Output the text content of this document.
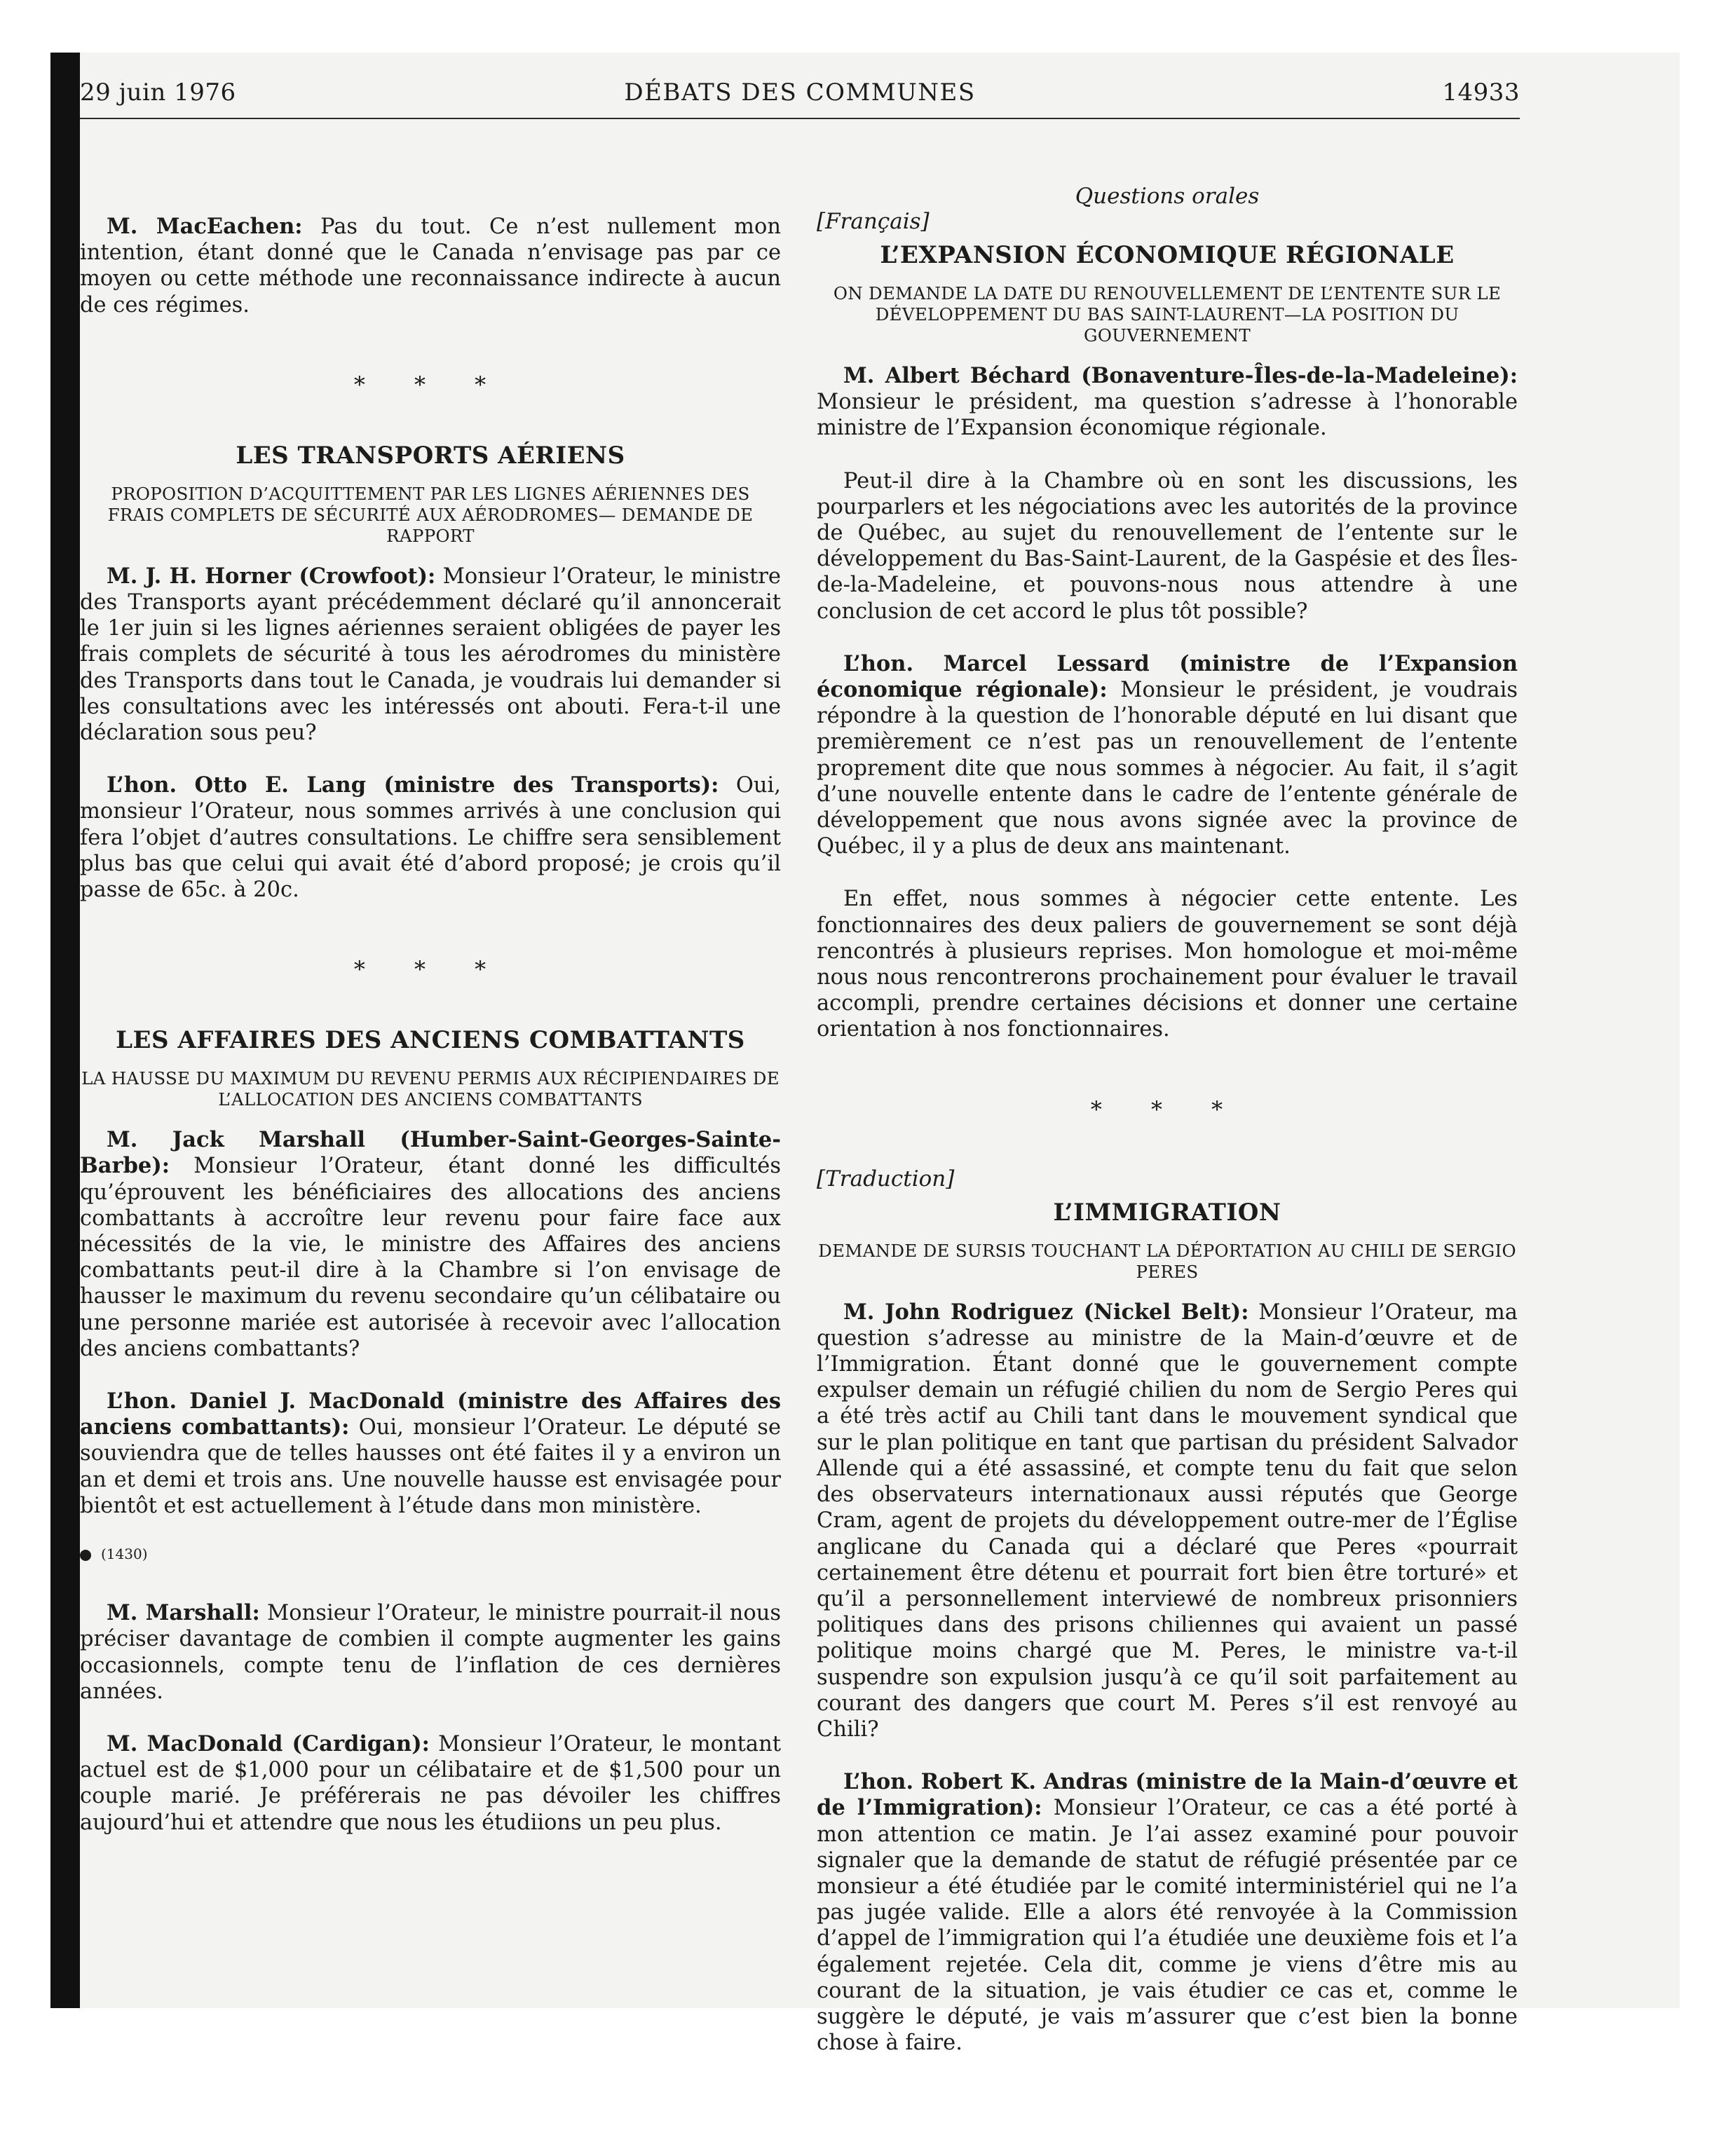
29 juin 1976	DÉBATS DES COMMUNES	14933
Questions orales

M. MacEachen: Pas du tout. Ce n’est nullement mon intention, étant donné que le Canada n’envisage pas par ce moyen ou cette méthode une reconnaissance indirecte à aucun de ces régimes.

* * *
LES TRANSPORTS AÉRIENS
PROPOSITION D’ACQUITTEMENT PAR LES LIGNES AÉRIENNES DES FRAIS COMPLETS DE SÉCURITÉ AUX AÉRODROMES— DEMANDE DE RAPPORT

M. J. H. Horner (Crowfoot): Monsieur l’Orateur, le ministre des Transports ayant précédemment déclaré qu’il annoncerait le 1er juin si les lignes aériennes seraient obligées de payer les frais complets de sécurité à tous les aérodromes du ministère des Transports dans tout le Canada, je voudrais lui demander si les consultations avec les intéressés ont abouti. Fera-t-il une déclaration sous peu?

L’hon. Otto E. Lang (ministre des Transports): Oui, monsieur l’Orateur, nous sommes arrivés à une conclusion qui fera l’objet d’autres consultations. Le chiffre sera sensiblement plus bas que celui qui avait été d’abord proposé; je crois qu’il passe de 65c. à 20c.

* * *
LES AFFAIRES DES ANCIENS COMBATTANTS
LA HAUSSE DU MAXIMUM DU REVENU PERMIS AUX RÉCIPIENDAIRES DE L’ALLOCATION DES ANCIENS COMBATTANTS

M. Jack Marshall (Humber-Saint-Georges-Sainte-Barbe): Monsieur l’Orateur, étant donné les difficultés qu’éprouvent les bénéficiaires des allocations des anciens combattants à accroître leur revenu pour faire face aux nécessités de la vie, le ministre des Affaires des anciens combattants peut-il dire à la Chambre si l’on envisage de hausser le maximum du revenu secondaire qu’un célibataire ou une personne mariée est autorisée à recevoir avec l’allocation des anciens combattants?

L’hon. Daniel J. MacDonald (ministre des Affaires des anciens combattants): Oui, monsieur l’Orateur. Le député se souviendra que de telles hausses ont été faites il y a environ un an et demi et trois ans. Une nouvelle hausse est envisagée pour bientôt et est actuellement à l’étude dans mon ministère.

(1430)

M. Marshall: Monsieur l’Orateur, le ministre pourrait-il nous préciser davantage de combien il compte augmenter les gains occasionnels, compte tenu de l’inflation de ces dernières années.

M. MacDonald (Cardigan): Monsieur l’Orateur, le montant actuel est de $1,000 pour un célibataire et de $1,500 pour un couple marié. Je préférerais ne pas dévoiler les chiffres aujourd’hui et attendre que nous les étudiions un peu plus.

[Français]
L’EXPANSION ÉCONOMIQUE RÉGIONALE
ON DEMANDE LA DATE DU RENOUVELLEMENT DE L’ENTENTE SUR LE DÉVELOPPEMENT DU BAS SAINT-LAURENT—LA POSITION DU GOUVERNEMENT

M. Albert Béchard (Bonaventure-Îles-de-la-Madeleine): Monsieur le président, ma question s’adresse à l’honorable ministre de l’Expansion économique régionale.

Peut-il dire à la Chambre où en sont les discussions, les pourparlers et les négociations avec les autorités de la province de Québec, au sujet du renouvellement de l’entente sur le développement du Bas-Saint-Laurent, de la Gaspésie et des Îles-de-la-Madeleine, et pouvons-nous nous attendre à une conclusion de cet accord le plus tôt possible?

L’hon. Marcel Lessard (ministre de l’Expansion économique régionale): Monsieur le président, je voudrais répondre à la question de l’honorable député en lui disant que premièrement ce n’est pas un renouvellement de l’entente proprement dite que nous sommes à négocier. Au fait, il s’agit d’une nouvelle entente dans le cadre de l’entente générale de développement que nous avons signée avec la province de Québec, il y a plus de deux ans maintenant.

En effet, nous sommes à négocier cette entente. Les fonctionnaires des deux paliers de gouvernement se sont déjà rencontrés à plusieurs reprises. Mon homologue et moi-même nous nous rencontrerons prochainement pour évaluer le travail accompli, prendre certaines décisions et donner une certaine orientation à nos fonctionnaires.

* * *
[Traduction]
L’IMMIGRATION
DEMANDE DE SURSIS TOUCHANT LA DÉPORTATION AU CHILI DE SERGIO PERES

M. John Rodriguez (Nickel Belt): Monsieur l’Orateur, ma question s’adresse au ministre de la Main-d’œuvre et de l’Immigration. Étant donné que le gouvernement compte expulser demain un réfugié chilien du nom de Sergio Peres qui a été très actif au Chili tant dans le mouvement syndical que sur le plan politique en tant que partisan du président Salvador Allende qui a été assassiné, et compte tenu du fait que selon des observateurs internationaux aussi réputés que George Cram, agent de projets du développement outre-mer de l’Église anglicane du Canada qui a déclaré que Peres «pourrait certainement être détenu et pourrait fort bien être torturé» et qu’il a personnellement interviewé de nombreux prisonniers politiques dans des prisons chiliennes qui avaient un passé politique moins chargé que M. Peres, le ministre va-t-il suspendre son expulsion jusqu’à ce qu’il soit parfaitement au courant des dangers que court M. Peres s’il est renvoyé au Chili?

L’hon. Robert K. Andras (ministre de la Main-d’œuvre et de l’Immigration): Monsieur l’Orateur, ce cas a été porté à mon attention ce matin. Je l’ai assez examiné pour pouvoir signaler que la demande de statut de réfugié présentée par ce monsieur a été étudiée par le comité interministériel qui ne l’a pas jugée valide. Elle a alors été renvoyée à la Commission d’appel de l’immigration qui l’a étudiée une deuxième fois et l’a également rejetée. Cela dit, comme je viens d’être mis au courant de la situation, je vais étudier ce cas et, comme le suggère le député, je vais m’assurer que c’est bien la bonne chose à faire.
